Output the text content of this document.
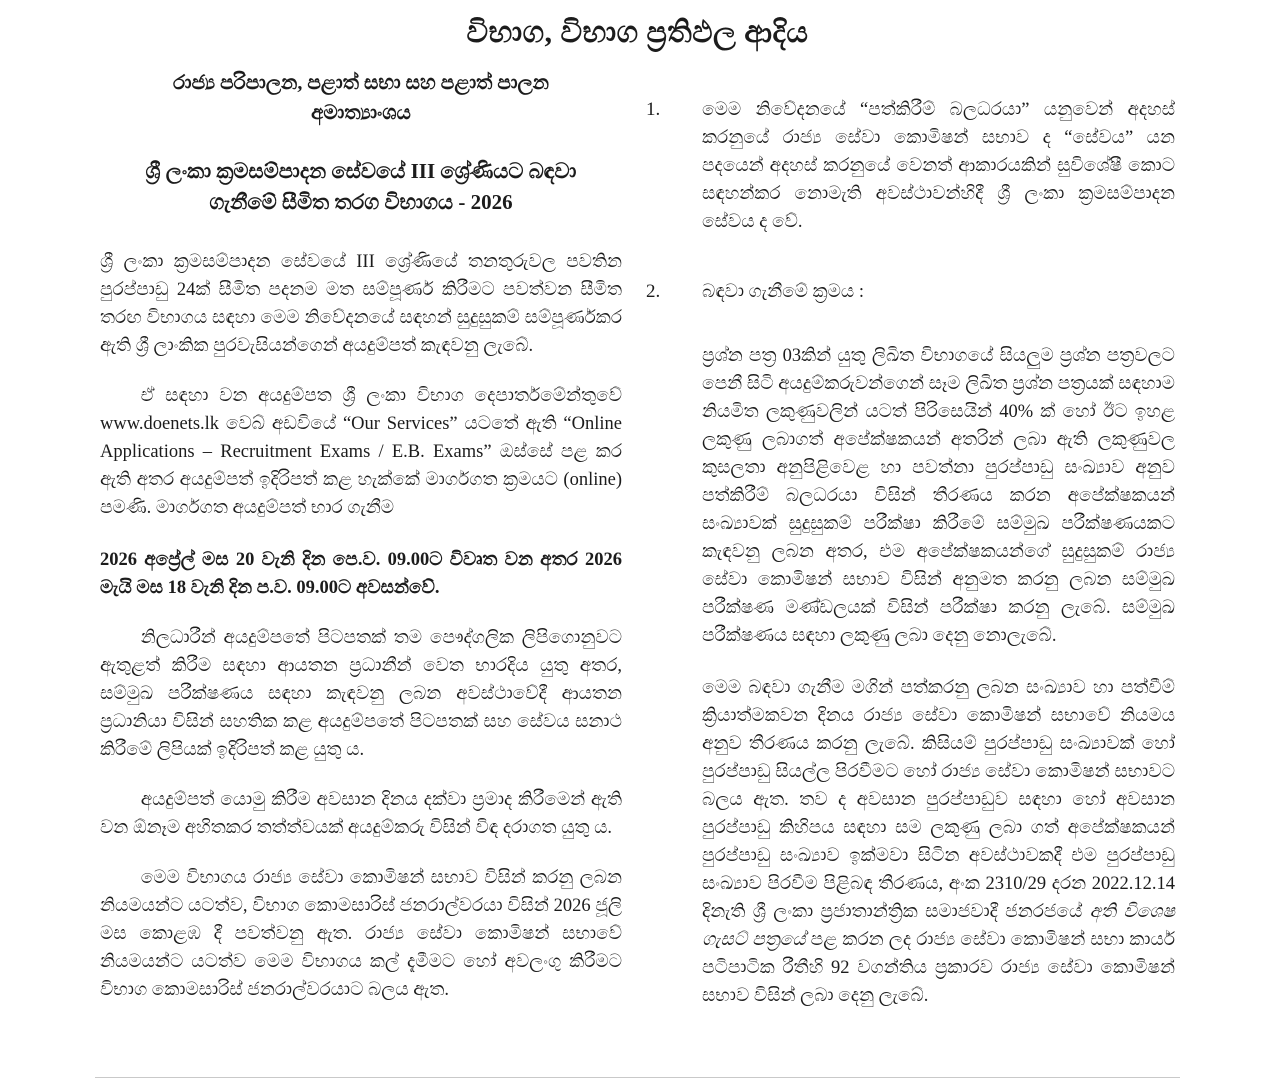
විභාග, විභාග ප්‍රතිඵල ආදිය
රාජ්‍ය පරිපාලන, පළාත් සභා සහ පළාත් පාලන අමාත්‍යාංශය
ශ්‍රී ලංකා ක්‍රමසම්පාදන සේවයේ III ශ්‍රේණියට බඳවා ගැනීමේ සීමිත තරග විභාගය - 2026

ශ්‍රී ලංකා ක්‍රමසම්පාදන සේවයේ III ශ්‍රේණියේ තනතුරුවල පවතින පුරප්පාඩු 24ක් සීමිත පදනම මත සම්පූර්ණ කිරීමට පවත්වන සීමිත තරඟ විභාගය සඳහා මෙම නිවේදනයේ සඳහන් සුදුසුකම් සම්පූර්ණකර ඇති ශ්‍රී ලාංකික පුරවැසියන්ගෙන් අයදුම්පත් කැඳවනු ලැබේ.

ඒ සඳහා වන අයදුම්පත ශ්‍රී ලංකා විභාග දෙපාර්තමේන්තුවේ www.doenets.lk වෙබ් අඩවියේ “Our Services” යටතේ ඇති “Online Applications – Recruitment Exams / E.B. Exams” ඔස්සේ පළ කර ඇති අතර අයදුම්පත් ඉදිරිපත් කළ හැක්කේ මාර්ගගත ක්‍රමයට (online) පමණි. මාර්ගගත අයදුම්පත් භාර ගැනීම

2026 අප්‍රේල් මස 20 වැනි දින පෙ.ව. 09.00ට විවෘත වන අතර 2026 මැයි මස 18 වැනි දින ප.ව. 09.00ට අවසන්වේ.

නිලධාරීන් අයදුම්පතේ පිටපතක් තම පෞද්ගලික ලිපිගොනුවට ඇතුළත් කිරීම සඳහා ආයතන ප්‍රධානීන් වෙත භාරදිය යුතු අතර, සම්මුඛ පරීක්ෂණය සඳහා කැඳවනු ලබන අවස්ථාවේදී ආයතන ප්‍රධානියා විසින් සහතික කළ අයදුම්පතේ පිටපතක් සහ සේවය සනාථ කිරීමේ ලිපියක් ඉදිරිපත් කළ යුතු ය.

අයදුම්පත් යොමු කිරීම අවසාන දිනය දක්වා ප්‍රමාද කිරීමෙන් ඇති වන ඕනෑම අහිතකර තත්ත්වයක් අයදුම්කරු විසින් විඳ දරාගත යුතු ය.

මෙම විභාගය රාජ්‍ය සේවා කොමිෂන් සභාව විසින් කරනු ලබන නියමයන්ට යටත්ව, විභාග කොමසාරිස් ජනරාල්වරයා විසින් 2026 ජූලි මස කොළඹ දී පවත්වනු ඇත. රාජ්‍ය සේවා කොමිෂන් සභාවේ නියමයන්ට යටත්ව මෙම විභාගය කල් දැමීමට හෝ අවලංගු කිරීමට විභාග කොමසාරිස් ජනරාල්වරයාට බලය ඇත.

1.	මෙම නිවේදනයේ “පත්කිරීම් බලධරයා” යනුවෙන් අදහස් කරනුයේ රාජ්‍ය සේවා කොමිෂන් සභාව ද “සේවය” යන පදයෙන් අදහස් කරනුයේ වෙනත් ආකාරයකින් සුවිශේෂී කොට සඳහන්කර නොමැති අවස්ථාවන්හිදී ශ්‍රී ලංකා ක්‍රමසම්පාදන සේවය ද වේ.
2.	බඳවා ගැනීමේ ක්‍රමය :

ප්‍රශ්න පත්‍ර 03කින් යුතු ලිඛිත විභාගයේ සියලුම ප්‍රශ්න පත්‍රවලට පෙනී සිටි අයදුම්කරුවන්ගෙන් සෑම ලිඛිත ප්‍රශ්න පත්‍රයක් සඳහාම නියමිත ලකුණුවලින් යටත් පිරිසෙයින් 40% ක් හෝ ඊට ඉහළ ලකුණු ලබාගත් අපේක්ෂකයන් අතරින් ලබා ඇති ලකුණුවල කුසලතා අනුපිළිවෙළ හා පවත්නා පුරප්පාඩු සංඛ්‍යාව අනුව පත්කිරීම් බලධරයා විසින් තීරණය කරන අපේක්ෂකයන් සංඛ්‍යාවක් සුදුසුකම් පරීක්ෂා කිරීමේ සම්මුඛ පරීක්ෂණයකට කැඳවනු ලබන අතර, එම අපේක්ෂකයන්ගේ සුදුසුකම් රාජ්‍ය සේවා කොමිෂන් සභාව විසින් අනුමත කරනු ලබන සම්මුඛ පරීක්ෂණ මණ්ඩලයක් විසින් පරීක්ෂා කරනු ලැබේ. සම්මුඛ පරීක්ෂණය සඳහා ලකුණු ලබා දෙනු නොලැබේ.

මෙම බඳවා ගැනීම මගින් පත්කරනු ලබන සංඛ්‍යාව හා පත්වීම් ක්‍රියාත්මකවන දිනය රාජ්‍ය සේවා කොමිෂන් සභාවේ නියමය අනුව තීරණය කරනු ලැබේ. කිසියම් පුරප්පාඩු සංඛ්‍යාවක් හෝ පුරප්පාඩු සියල්ල පිරවීමට හෝ රාජ්‍ය සේවා කොමිෂන් සභාවට බලය ඇත. තව ද අවසාන පුරප්පාඩුව සඳහා හෝ අවසාන පුරප්පාඩු කිහිපය සඳහා සම ලකුණු ලබා ගත් අපේක්ෂකයන් පුරප්පාඩු සංඛ්‍යාව ඉක්මවා සිටින අවස්ථාවකදී එම පුරප්පාඩු සංඛ්‍යාව පිරවීම පිළිබඳ තීරණය, අංක 2310/29 දරන 2022.12.14 දිනැති ශ්‍රී ලංකා ප්‍රජාතාන්ත්‍රික සමාජවාදී ජනරජයේ අති විශෙෂ ගැසට් පත්‍රයේ පළ කරන ලද රාජ්‍ය සේවා කොමිෂන් සභා කාර්ය පටිපාටික රීතීහි 92 වගන්තිය ප්‍රකාරව රාජ්‍ය සේවා කොමිෂන් සභාව විසින් ලබා දෙනු ලැබේ.
